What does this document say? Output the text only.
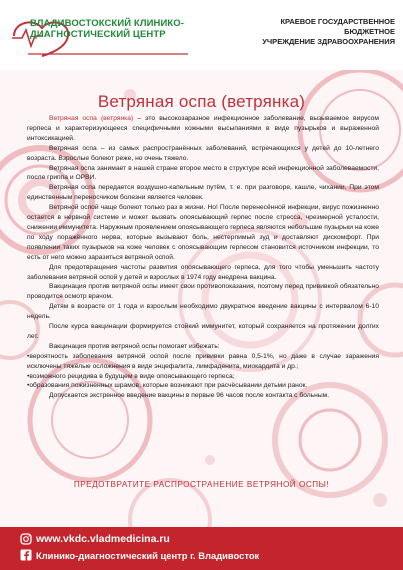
ВЛАДИВОСТОКСКИЙ КЛИНИКО-
ДИАГНОСТИЧЕСКИЙ ЦЕНТР
КРАЕВОЕ ГОСУДАРСТВЕННОЕ БЮДЖЕТНОЕ
УЧРЕЖДЕНИЕ ЗДРАВООХРАНЕНИЯ
Ветряная оспа (ветрянка)

Ветряная оспа (ветрянка) – это высокозаразное инфекционное заболевание, вызываемое вирусом герпеса и характеризующееся специфичными кожными высыпаниями в виде пузырьков и выраженной интоксикацией.

Ветряная оспа – из самых распространённых заболеваний, встречающихся у детей до 10-летнего возраста. Взрослые болеют реже, но очень тяжело.

Ветряная оспа занимает в нашей стране второе место в структуре всей инфекционной заболеваемости, после гриппа и ОРВИ.

Ветряная оспа передается воздушно-капельным путём, т. е. при разговоре, кашле, чихании. При этом единственным переносчиком болезни является человек.

Ветряной оспой чаще болеют только раз в жизни. Но! После перенесённой инфекции, вирус пожизненно остается в нервной системе и может вызвать опоясывающий герпес после стресса, чрезмерной усталости, снижении иммунитета. Наружным проявлением опоясывающего герпеса являются небольшие пузырьки на коже по ходу поражённого нерва, которые вызывают боль, нестерпимый зуд и доставляют дискомфорт. При появлении таких пузырьков на коже человек с опоясывающим герпесом становится источником инфекции, то есть от него можно заразиться ветряной оспой.

Для предотвращения частоты развития опоясывающего герпеса, для того чтобы уменьшить частоту заболевания ветряной оспой у детей и взрослых в 1974 году внедрена вакцина.

Вакцинация против ветряной оспы имеет свои противопоказания, поэтому перед прививкой обязательно проводится осмотр врачом.

Детям в возрасте от 1 года и взрослым необходимо двукратное введение вакцины с интервалом 6-10 недель.

После курса вакцинации формируется стойкий иммунитет, который сохраняется на протяжении долгих лет.

Вакцинация против ветряной оспы помогает избежать:

•вероятность заболевания ветряной оспой после прививки равна 0,5-1%, но даже в случае заражения исключены тяжёлые осложнения в виде энцефалита, лимфаденита, миокардита и др.;
•возможного рецидива в будущем в виде опоясывающего герпеса;
•образования пожизненных шрамов, которые возникают при расчёсывании детьми ранок.

Допускается экстренное введение вакцины в первые 96 часов после контакта с больным.

ПРЕДОТВРАТИТЕ РАСПРОСТРАНЕНИЕ ВЕТРЯНОЙ ОСПЫ!
www.vkdc.vladmedicina.ru
Клинико-диагностический центр г. Владивосток
